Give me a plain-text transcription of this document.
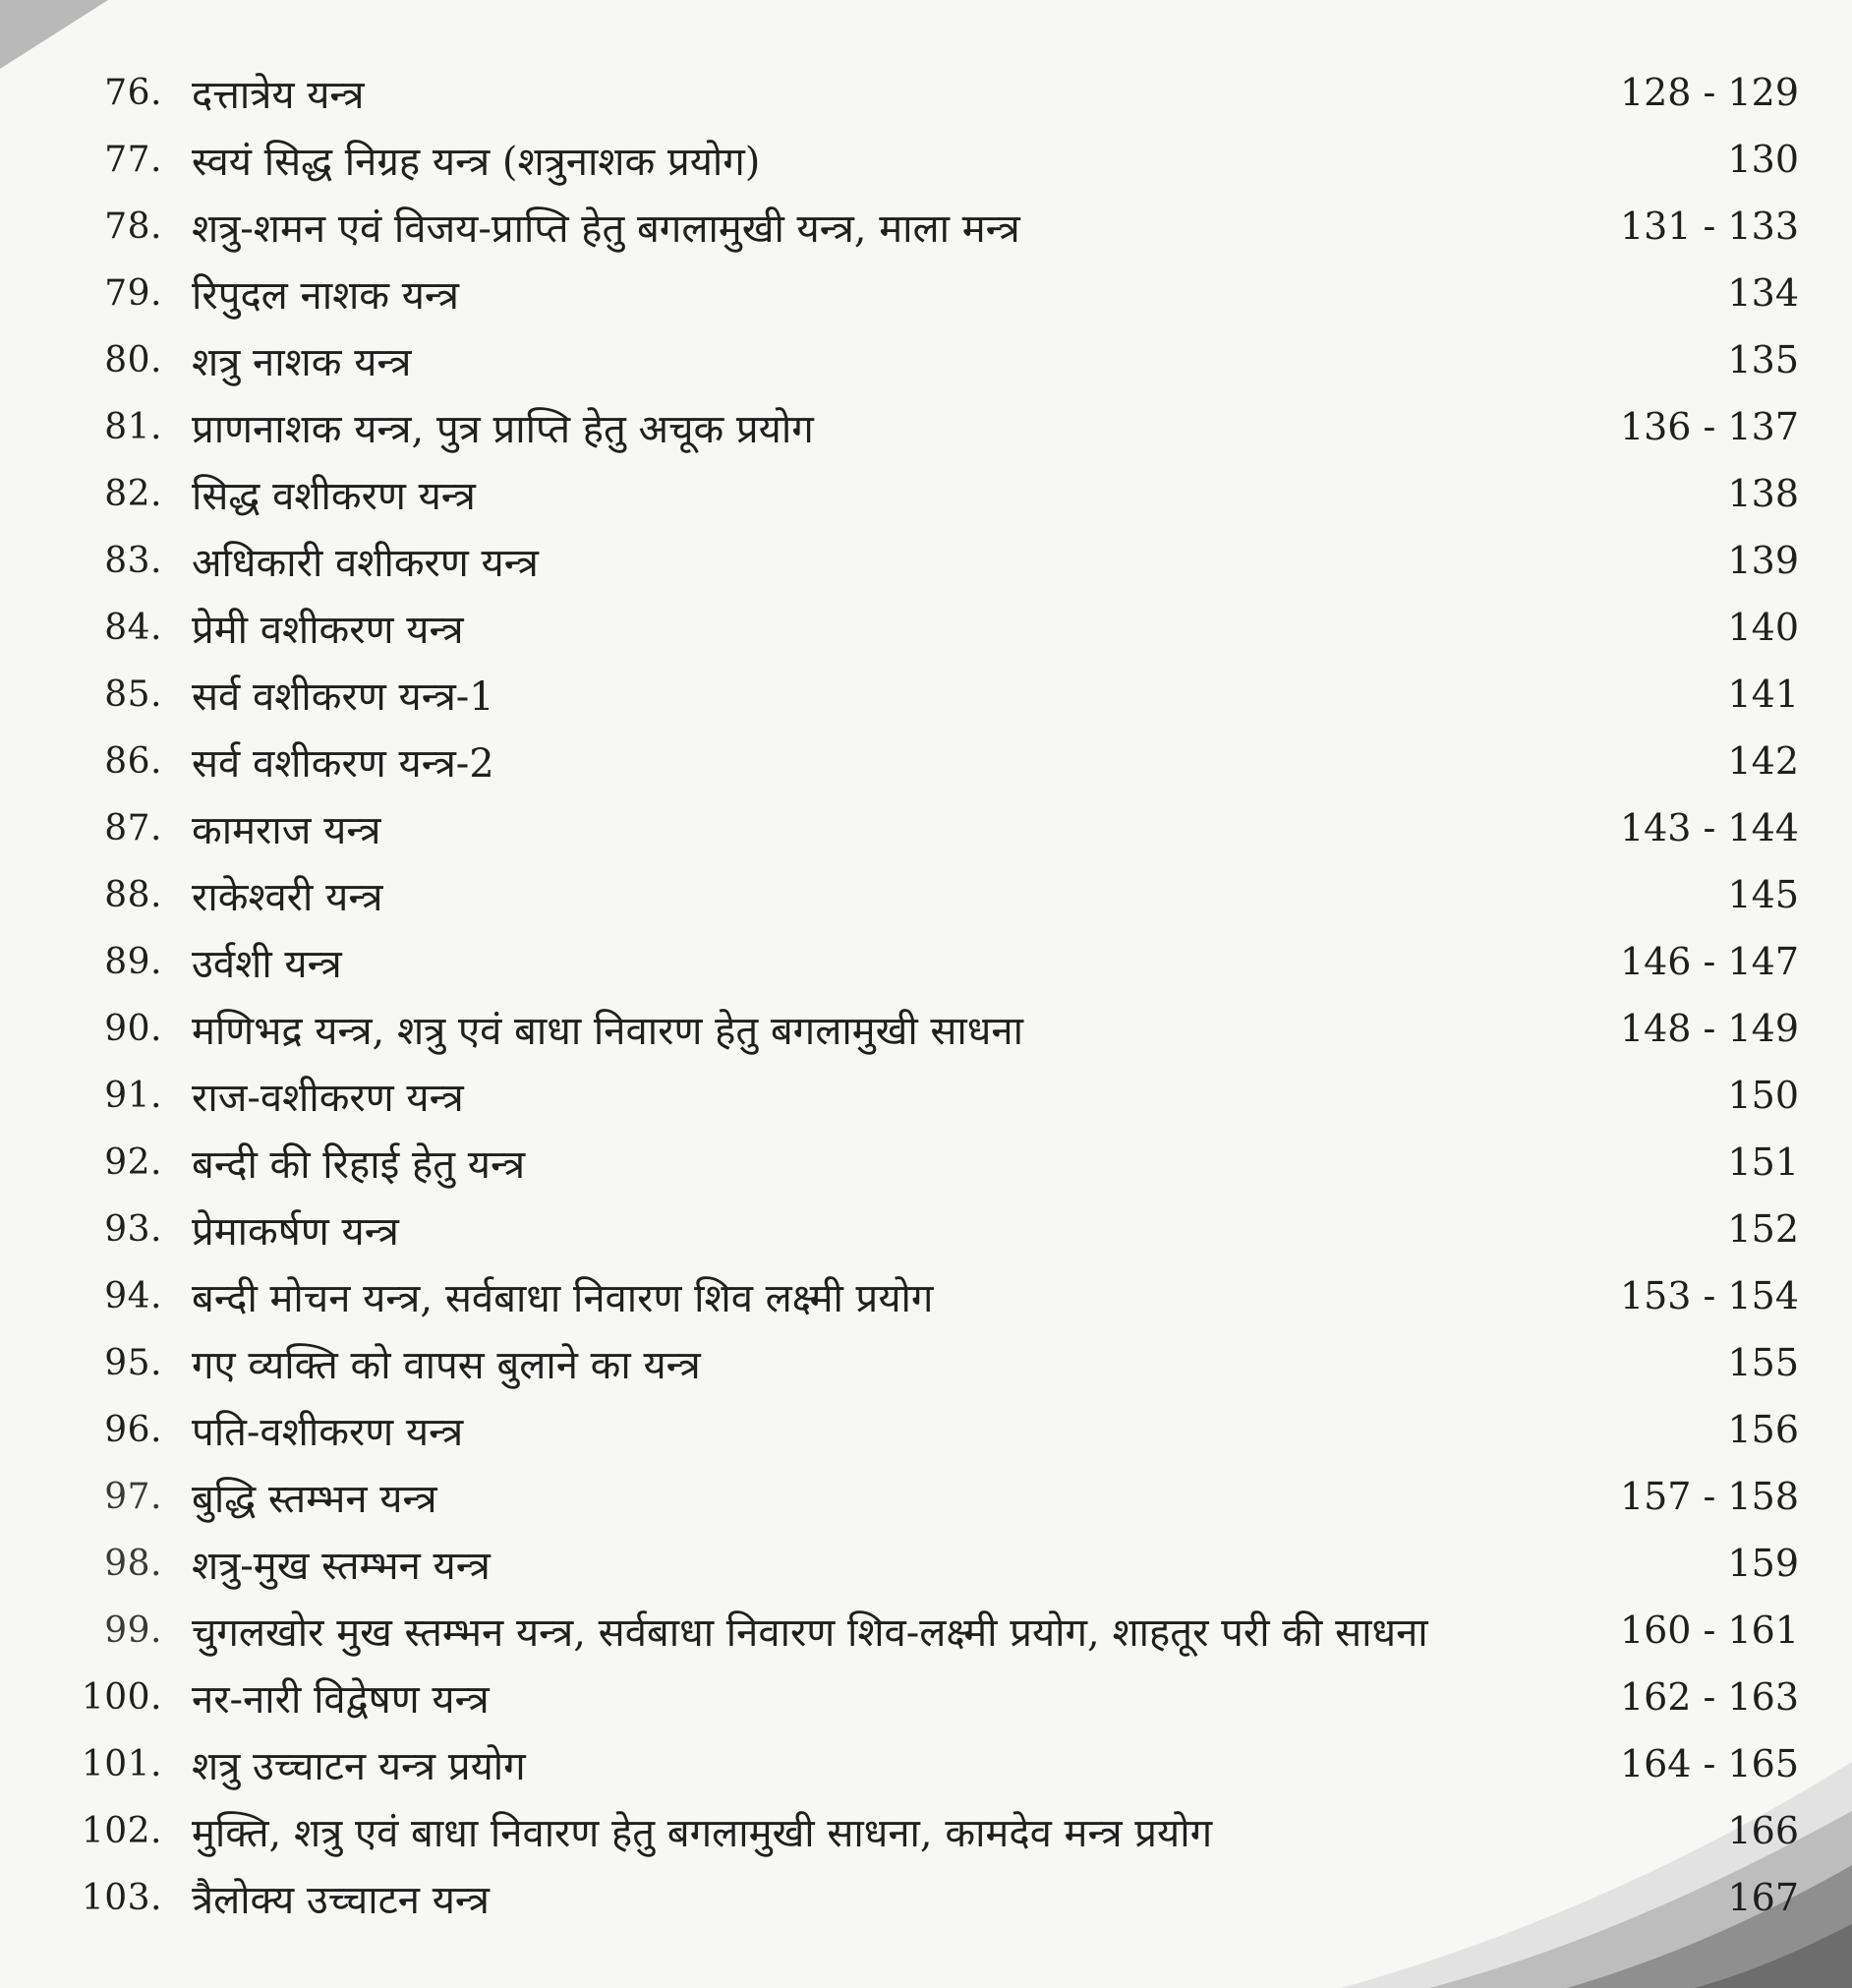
76. दत्तात्रेय यन्त्र	128 - 129
77. स्वयं सिद्ध निग्रह यन्त्र (शत्रुनाशक प्रयोग)	130
78. शत्रु-शमन एवं विजय-प्राप्ति हेतु बगलामुखी यन्त्र, माला मन्त्र	131 - 133
79. रिपुदल नाशक यन्त्र	134
80. शत्रु नाशक यन्त्र	135
81. प्राणनाशक यन्त्र, पुत्र प्राप्ति हेतु अचूक प्रयोग	136 - 137
82. सिद्ध वशीकरण यन्त्र	138
83. अधिकारी वशीकरण यन्त्र	139
84. प्रेमी वशीकरण यन्त्र	140
85. सर्व वशीकरण यन्त्र-1	141
86. सर्व वशीकरण यन्त्र-2	142
87. कामराज यन्त्र	143 - 144
88. राकेश्वरी यन्त्र	145
89. उर्वशी यन्त्र	146 - 147
90. मणिभद्र यन्त्र, शत्रु एवं बाधा निवारण हेतु बगलामुखी साधना	148 - 149
91. राज-वशीकरण यन्त्र	150
92. बन्दी की रिहाई हेतु यन्त्र	151
93. प्रेमाकर्षण यन्त्र	152
94. बन्दी मोचन यन्त्र, सर्वबाधा निवारण शिव लक्ष्मी प्रयोग	153 - 154
95. गए व्यक्ति को वापस बुलाने का यन्त्र	155
96. पति-वशीकरण यन्त्र	156
97. बुद्धि स्तम्भन यन्त्र	157 - 158
98. शत्रु-मुख स्तम्भन यन्त्र	159
99. चुगलखोर मुख स्तम्भन यन्त्र, सर्वबाधा निवारण शिव-लक्ष्मी प्रयोग, शाहतूर परी की साधना	160 - 161
100. नर-नारी विद्वेषण यन्त्र	162 - 163
101. शत्रु उच्चाटन यन्त्र प्रयोग	164 - 165
102. मुक्ति, शत्रु एवं बाधा निवारण हेतु बगलामुखी साधना, कामदेव मन्त्र प्रयोग	166
103. त्रैलोक्य उच्चाटन यन्त्र	167
